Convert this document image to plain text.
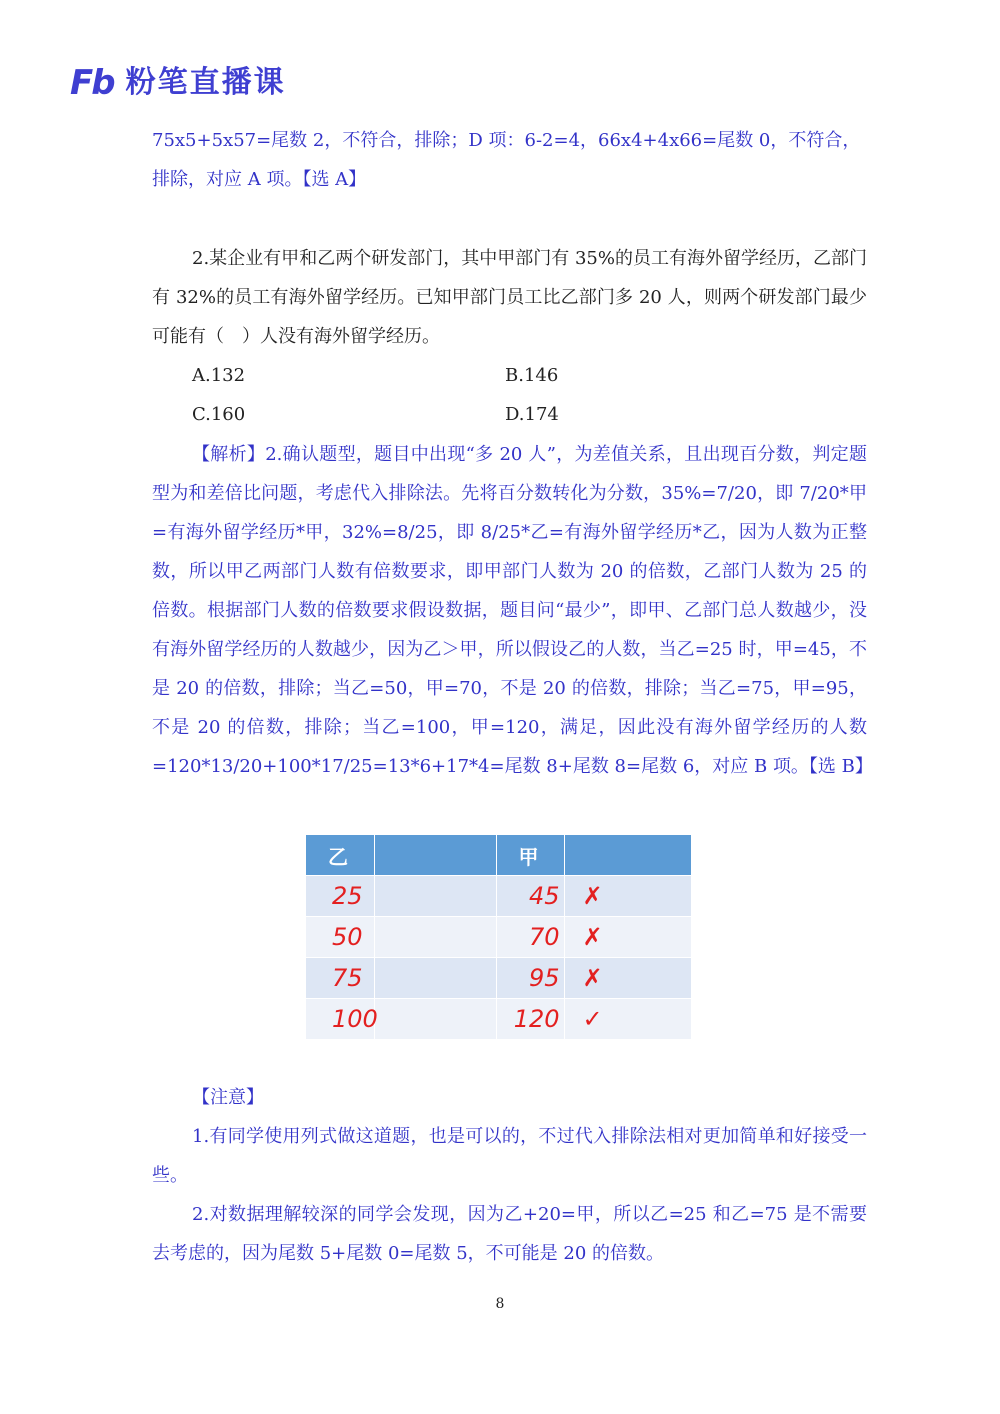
Fb 粉笔直播课
75x5+5x57=尾数 2，不符合，排除；D 项：6-2=4，66x4+4x66=尾数 0，不符合，
排除，对应 A 项。【选 A】
2.某企业有甲和乙两个研发部门，其中甲部门有 35%的员工有海外留学经历，乙部门有 32%的员工有海外留学经历。已知甲部门员工比乙部门多 20 人，则两个研发部门最少可能有（　）人没有海外留学经历。
A.132	B.146
C.160	D.174
【解析】2.确认题型，题目中出现“多 20 人”，为差值关系，且出现百分数，判定题型为和差倍比问题，考虑代入排除法。先将百分数转化为分数，35%=7/20，即 7/20*甲=有海外留学经历*甲，32%=8/25，即 8/25*乙=有海外留学经历*乙，因为人数为正整数，所以甲乙两部门人数有倍数要求，即甲部门人数为 20 的倍数，乙部门人数为 25 的倍数。根据部门人数的倍数要求假设数据，题目问“最少”，即甲、乙部门总人数越少，没有海外留学经历的人数越少，因为乙＞甲，所以假设乙的人数，当乙=25 时，甲=45，不是 20 的倍数，排除；当乙=50，甲=70，不是 20 的倍数，排除；当乙=75，甲=95，不是 20 的倍数，排除；当乙=100，甲=120，满足，因此没有海外留学经历的人数=120*13/20+100*17/25=13*6+17*4=尾数 8+尾数 8=尾数 6，对应 B 项。【选 B】
乙		甲	
25		45	✗
50		70	✗
75		95	✗
100		120	✓
【注意】
1.有同学使用列式做这道题，也是可以的，不过代入排除法相对更加简单和好接受一些。
2.对数据理解较深的同学会发现，因为乙+20=甲，所以乙=25 和乙=75 是不需要去考虑的，因为尾数 5+尾数 0=尾数 5，不可能是 20 的倍数。
8
